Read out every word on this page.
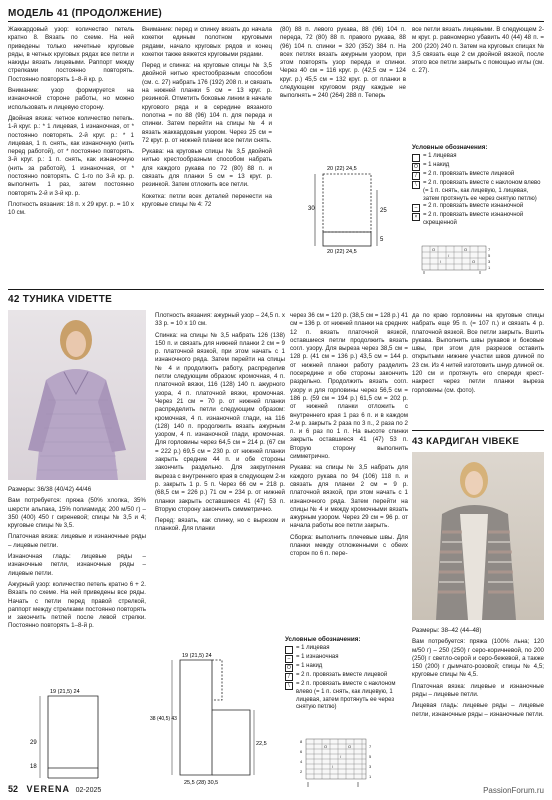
МОДЕЛЬ 41 (ПРОДОЛЖЕНИЕ)

Жаккардовый узор: количество петель кратно 8. Вязать по схеме. На ней приведены только нечетные круговые ряды, в четных круговых рядах все петли и накиды вязать лицевыми. Раппорт между стрелками постоянно повторять. Постоянно повторять 1–8-й кр. р.

Внимание: узор формируется на изнаночной стороне работы, но можно использовать и лицевую сторону.

Двойная вязка: четное количество петель. 1-й круг. р.: * 1 лицевая, 1 изнаночная, от * постоянно повторять. 2-й круг. р.: * 1 лицевая, 1 п. снять, как изнаночную (нить перед работой), от * постоянно повторять. 3-й круг. р.: 1 п. снять, как изнаночную (нить за работой), 1 изнаночная, от * постоянно повторять. С 1-го по 3-й кр. р. выполнить 1 раз, затем постоянно повторять 2-й и 3-й кр. р.

Плотность вязания: 18 п. x 29 круг. р. = 10 x 10 см.

Внимание: перед и спинку вязать до начала кокетки единым полотном круговыми рядами, начало круговых рядов и конец кокетки также вяжется круговыми рядами.

Перед и спинка: на круговые спицы № 3,5 двойной нитью крестообразным способом (см. с. 27) набрать 176 (192) 208 п. и связать на нижней планки 5 см = 13 круг. р. резинкой. Отметить боковые линии в начале кругового ряда и в середине вязаного полотна = по 88 (96) 104 п. для переда и спинки. Затем перейти на спицы № 4 и вязать жаккардовым узором. Через 25 см = 72 круг. р. от нижней планки все петли снять.

Рукава: на круговые спицы № 3,5 двойной нитью крестообразным способом набрать для каждого рукава по 72 (80) 88 п. и связать для планки 5 см = 13 круг. р. резинкой. Затем отложить все петли.

Кокетка: петли всех деталей перенести на круговые спицы № 4: 72

(80) 88 п. левого рукава, 88 (96) 104 п. переда, 72 (80) 88 п. правого рукава, 88 (96) 104 п. спинки = 320 (352) 384 п. На всех петлях вязать ажурным узором, при этом повторять узор переда и спинки. Через 40 см = 116 круг. р. (42,5 см = 124 круг. р.) 45,5 см = 132 круг. р. от планки в следующем круговом ряду каждые не выполнять = 240 (264) 288 п. Теперь

все петли вязать лицевыми. В следующем 2-м круг. р. равномерно убавить 40 (44) 48 п. = 200 (220) 240 п. Затем на круговых спицах № 3,5 связать еще 2 см двойной вязкой, после этого все петли закрыть с помощью иглы (см. с. 27).

30	25
5
20 (22) 24,5
20 (22) 24,5
Условные обозначения:
= 1 лицевая
O = 1 накид
/	= 2 п. провязать вместе лицевой
\	= 2 п. провязать вместе с наклоном влево (= 1 п. снять, как лицевую, 1 лицевая, затем протянуть ее через снятую петлю)
– = 2 п. провязать вместе изнаночной
× = 2 п. провязать вместе изнаночной скрещенной
7
5
3
1
O
/
O
\	O
42 ТУНИКА VIDETTE

Размеры: 36/38 (40/42) 44/46

Вам потребуется: пряжа (50% хлопка, 35% шерсти альпака, 15% полиамида; 200 м/50 г) – 350 (400) 450 г сиреневой; спицы № 3,5 и 4; круговые спицы № 3,5.

Платочная вязка: лицевые и изнаночные ряды – лицевые петли.

Изнаночная гладь: лицевые ряды – изнаночные петли, изнаночные ряды – лицевые петли.

Ажурный узор: количество петель кратно 6 + 2. Вязать по схеме. На ней приведены все ряды. Начать с петли перед правой стрелкой, раппорт между стрелками постоянно повторять и закончить петлей после левой стрелки. Постоянно повторять 1–8-й р.

Плотность вязания: ажурный узор – 24,5 п. x 33 р. = 10 x 10 см.

Спинка: на спицы № 3,5 набрать 126 (138) 150 п. и связать для нижней планки 2 см = 9 р. платочной вязкой, при этом начать с 1 изнаночного ряда. Затем перейти на спицы № 4 и продолжить работу, распределив петли следующим образом: кромочная, 4 п. платочной вязки, 116 (128) 140 п. ажурного узора, 4 п. платочной вязки, кромочная. Через 21 см = 70 р. от нижней планки распределить петли следующим образом: кромочная, 4 п. изнаночной глади, на 116 (128) 140 п. продолжить вязать ажурным узором, 4 п. изнаночной глади, кромочная. Для горловины через 64,5 см = 214 р. (67 см = 222 р.) 69,5 см = 230 р. от нижней планки закрыть средние 44 п. и обе стороны закончить раздельно. Для закругления выреза с внутреннего края в следующем 2-м р. закрыть 1 р. 5 п. Через 66 см = 218 р. (68,5 см = 226 р.) 71 см = 234 р. от нижней планки закрыть оставшиеся 41 (47) 53 п. Вторую сторону закончить симметрично.

Перед: вязать, как спинку, но с вырезом и планкой. Для планки

через 36 см = 120 р. (38,5 см = 128 р.) 41 см = 136 р. от нижней планки на средних 12 п. вязать платочной вязкой, оставшиеся петли продолжить вязать согл. узору. Для выреза через 38,5 см = 128 р. (41 см = 136 р.) 43,5 см = 144 р. от нижней планки работу разделить посередине и обе стороны закончить раздельно. Продолжить вязать согл. узору и для горловины через 56,5 см = 186 р. (59 см = 194 р.) 61,5 см = 202 р. от нижней планки отложить с внутреннего края 1 раз 6 п. и в каждом 2-м р. закрыть 2 раза по 3 п., 2 раза по 2 п. и 6 раз по 1 п. На высоте спинки закрыть оставшиеся 41 (47) 53 п. Вторую сторону выполнить симметрично.

Рукава: на спицы № 3,5 набрать для каждого рукава по 94 (106) 118 п. и связать для планки 2 см = 9 р. платочной вязкой, при этом начать с 1 изнаночного ряда. Затем перейти на спицы № 4 и между кромочными вязать ажурным узором. Через 29 см = 96 р. от начала работы все петли закрыть.

Сборка: выполнить плечевые швы. Для планки между отложенными с обеих сторон по 6 п. пере-

да по краю горловины на круговые спицы набрать еще 95 п. (= 107 п.) и связать 4 р. платочной вязкой. Все петли закрыть. Вшить рукава. Выполнить швы рукавов и боковые швы, при этом для разрезов оставить открытыми нижние участки швов длиной по 23 см. Из 4 нитей изготовить шнур длиной ок. 120 см и протянуть его спереди крест-накрест через петли планки выреза горловины (см. фото).

19 (21,5) 24
29
18
19 (21,5) 24
25,5 (28) 30,5
38 (40,5) 43
22,5
Условные обозначения:
= 1 лицевая
– = 1 изнаночная
O = 1 накид
/	= 2 п. провязать вместе лицевой
\	= 2 п. провязать вместе с наклоном влево (= 1 п. снять, как лицевую, 1 лицевая, затем протянуть ее через снятую петлю)
8
7
6
5
4
3
2
1
O
/
O
\
43 КАРДИГАН VIBEKE

Размеры: 38–42 (44–48)

Вам потребуется: пряжа (100% льна; 120 м/50 г) – 250 (250) г серо-коричневой, по 200 (250) г светло-серой и серо-бежевой, а также 150 (200) г дымчато-розовой; спицы № 4,5; круговые спицы № 4,5.

Платочная вязка: лицевые и изнаночные ряды – лицевые петли.

Лицевая гладь: лицевые ряды – лицевые петли, изнаночные ряды – изнаночные петли.

52 VERENA 02-2025	PassionForum.ru
